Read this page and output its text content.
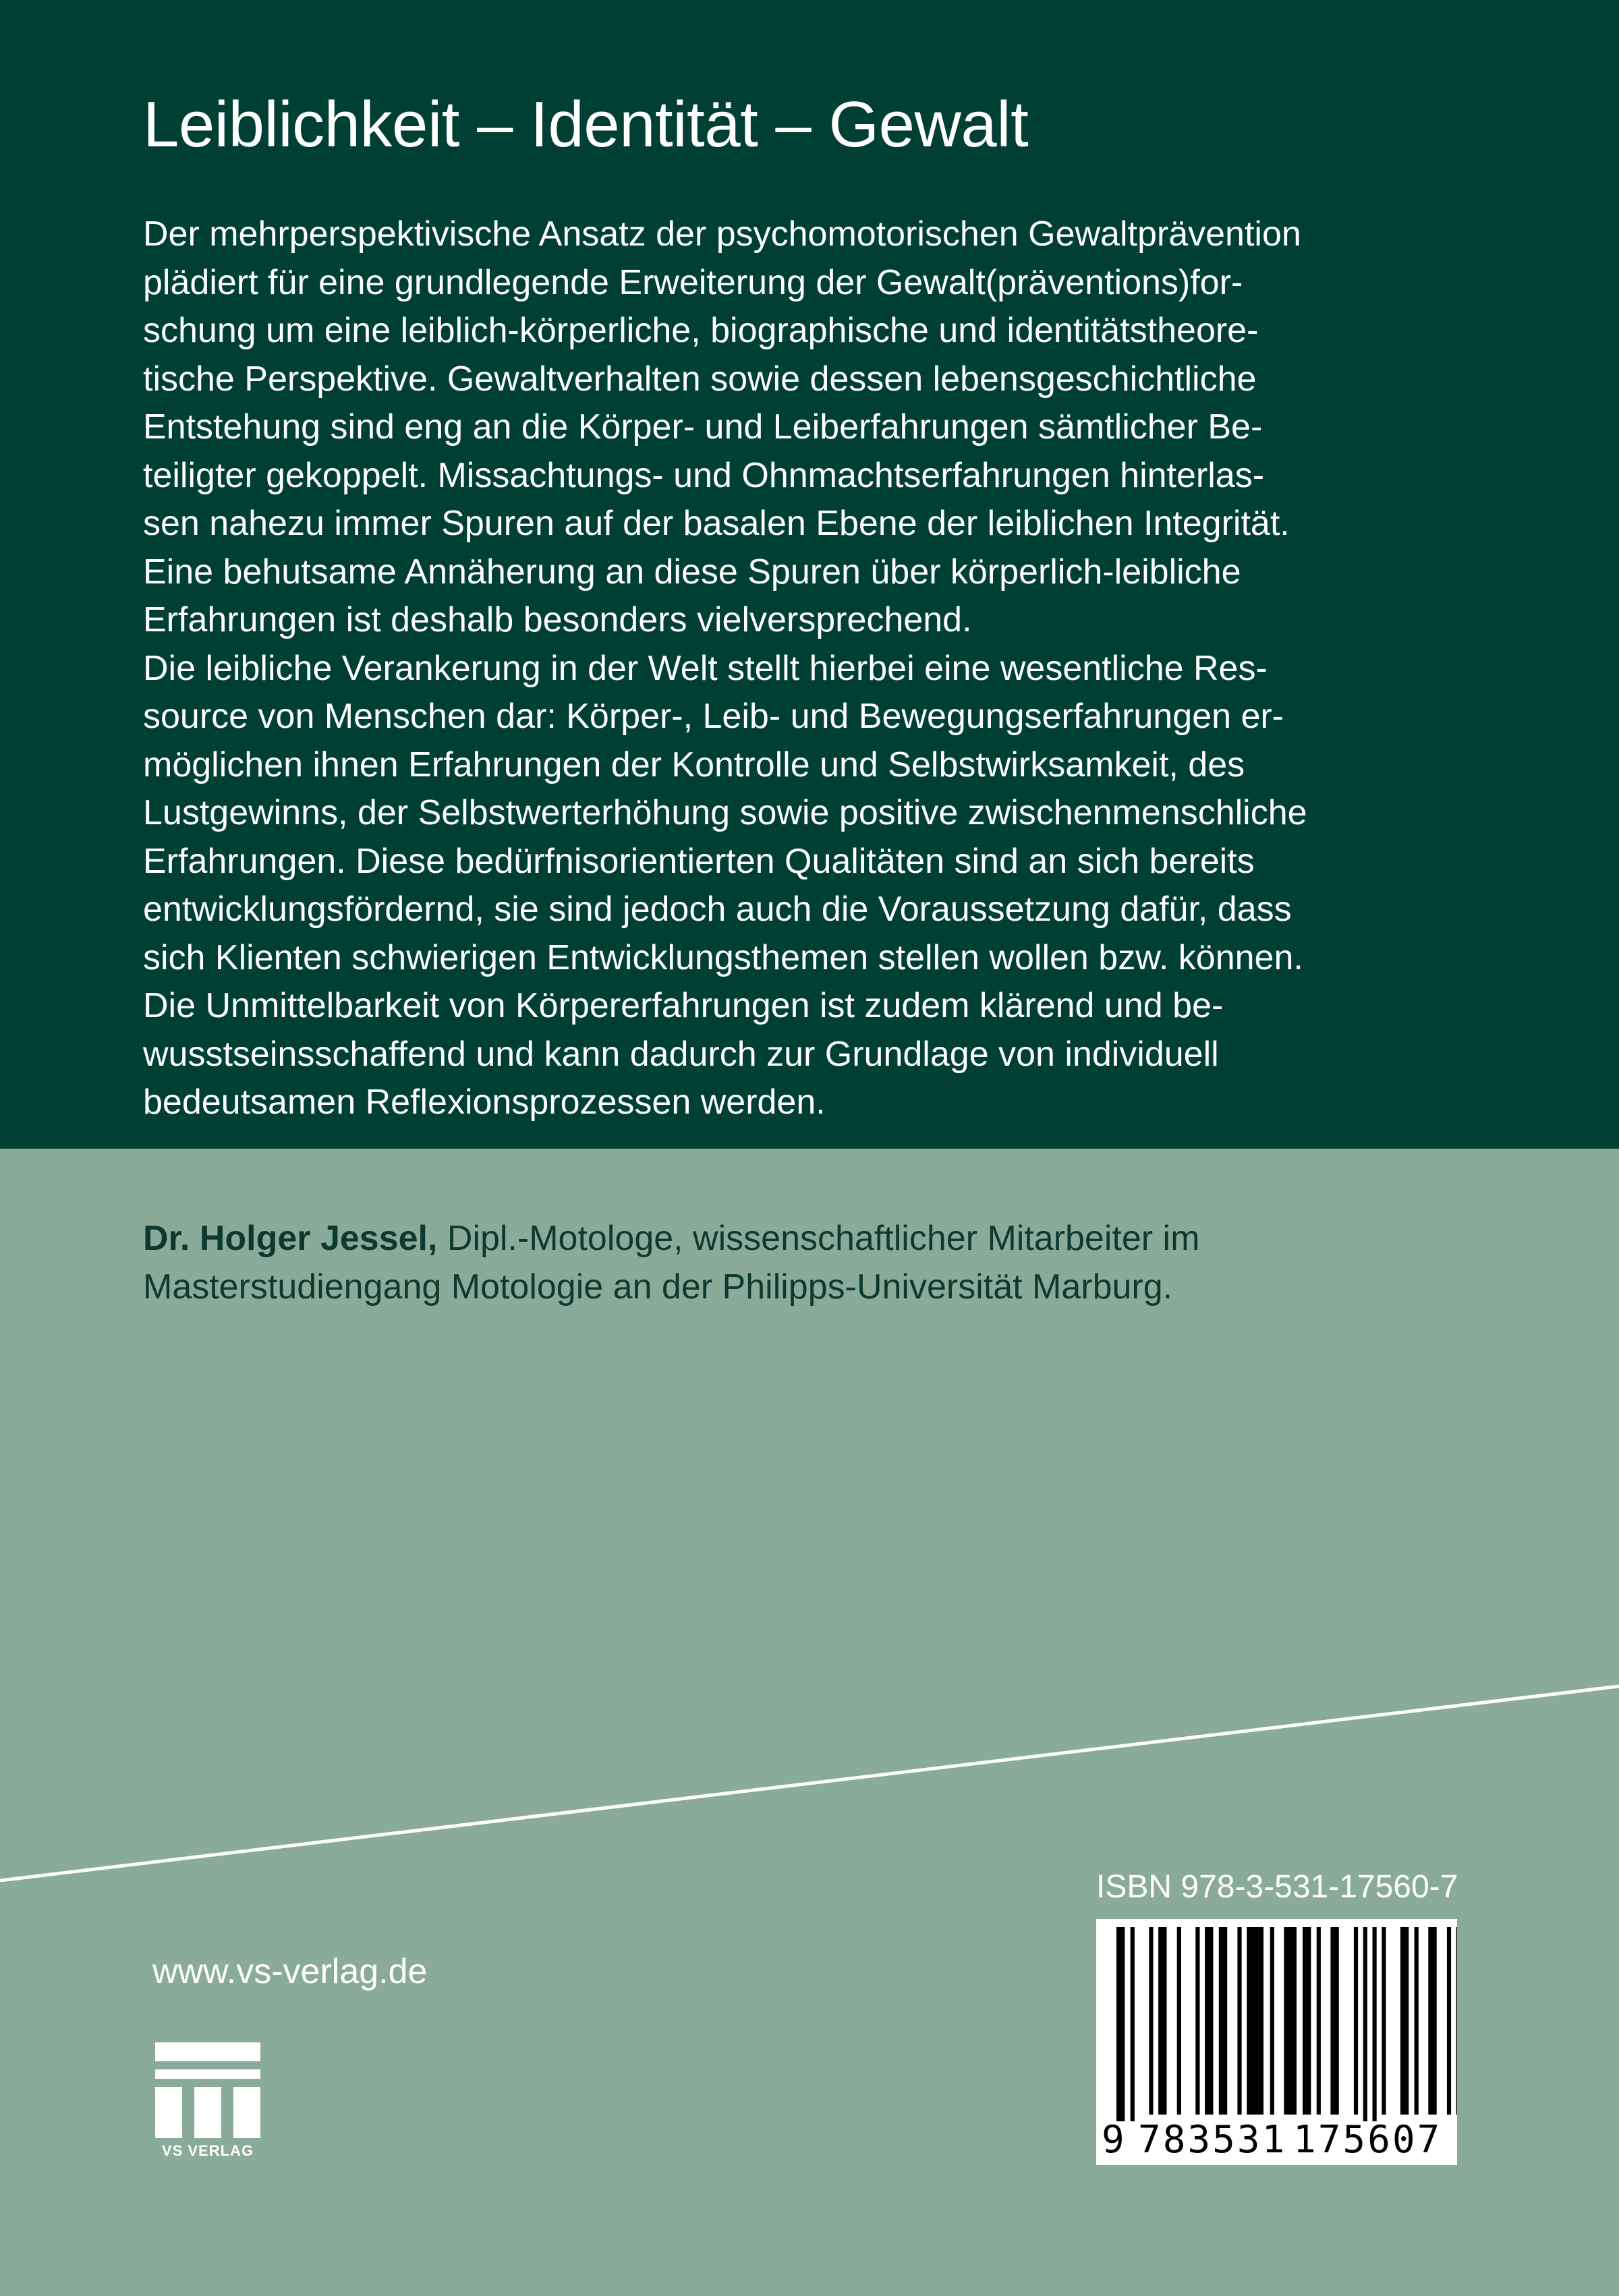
Leiblichkeit – Identität – Gewalt
Der mehrperspektivische Ansatz der psychomotorischen Gewaltprävention
plädiert für eine grundlegende Erweiterung der Gewalt(präventions)for-
schung um eine leiblich-körperliche, biographische und identitätstheore-
tische Perspektive. Gewaltverhalten sowie dessen lebensgeschichtliche
Entstehung sind eng an die Körper- und Leiberfahrungen sämtlicher Be-
teiligter gekoppelt. Missachtungs- und Ohnmachtserfahrungen hinterlas-
sen nahezu immer Spuren auf der basalen Ebene der leiblichen Integrität.
Eine behutsame Annäherung an diese Spuren über körperlich-leibliche
Erfahrungen ist deshalb besonders vielversprechend.
Die leibliche Verankerung in der Welt stellt hierbei eine wesentliche Res-
source von Menschen dar: Körper-, Leib- und Bewegungserfahrungen er-
möglichen ihnen Erfahrungen der Kontrolle und Selbstwirksamkeit, des
Lustgewinns, der Selbstwerterhöhung sowie positive zwischenmenschliche
Erfahrungen. Diese bedürfnisorientierten Qualitäten sind an sich bereits
entwicklungsfördernd, sie sind jedoch auch die Voraussetzung dafür, dass
sich Klienten schwierigen Entwicklungsthemen stellen wollen bzw. können.
Die Unmittelbarkeit von Körpererfahrungen ist zudem klärend und be-
wusstseinsschaffend und kann dadurch zur Grundlage von individuell
bedeutsamen Reflexionsprozessen werden.
Dr. Holger Jessel, Dipl.-Motologe, wissenschaftlicher Mitarbeiter im
Masterstudiengang Motologie an der Philipps-Universität Marburg.
ISBN 978-3-531-17560-7
9 783531 175607
www.vs-verlag.de
VS VERLAG
